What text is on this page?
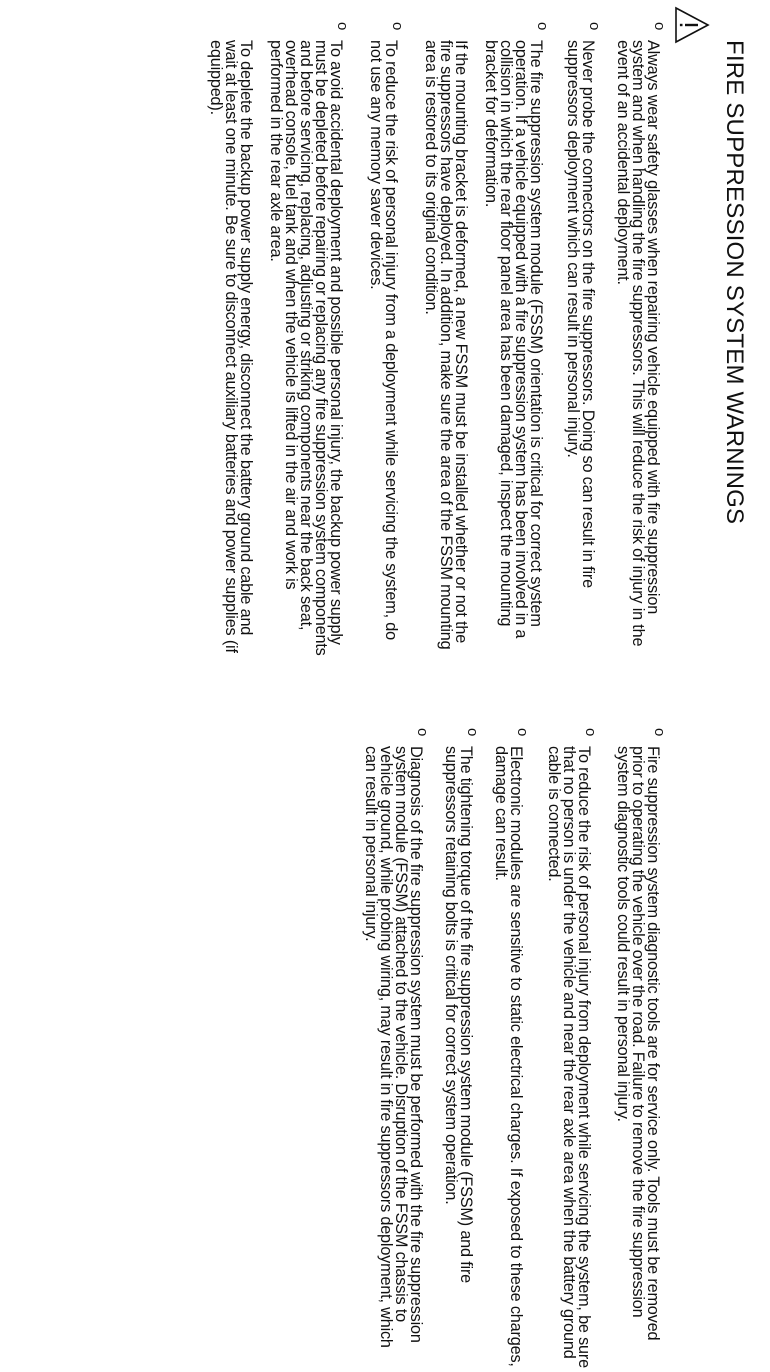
FIRE SUPPRESSION SYSTEM WARNINGS
o

Always wear safety glasses when repairing vehicle equipped with fire suppression system and when handling the fire suppressors. This will reduce the risk of injury in the event of an accidental deployment.

o

Never probe the connectors on the fire suppressors. Doing so can result in fire suppressors deployment which can result in personal injury.

o

The fire suppression system module (FSSM) orientation is critical for correct system operation. If a vehicle equipped with a fire suppression system has been involved in a collision in which the rear floor panel area has been damaged, inspect the mounting bracket for deformation.

If the mounting bracket is deformed, a new FSSM must be installed whether or not the fire suppressors have deployed. In addition, make sure the area of the FSSM mounting area is restored to its original condition.

o

To reduce the risk of personal injury from a deployment while servicing the system, do not use any memory saver devices.

o

To avoid accidental deployment and possible personal injury, the backup power supply must be depleted before repairing or replacing any fire suppression system components and before servicing, replacing, adjusting or striking components near the back seat, overhead console, fuel tank and when the vehicle is lifted in the air and work is performed in the rear axle area.

To deplete the backup power supply energy, disconnect the battery ground cable and wait at least one minute. Be sure to disconnect auxiliary batteries and power supplies (if equipped).

o

Fire suppression system diagnostic tools are for service only. Tools must be removed prior to operating the vehicle over the road. Failure to remove the fire suppression system diagnostic tools could result in personal injury.

o

To reduce the risk of personal injury from deployment while servicing the system, be sure that no person is under the vehicle and near the rear axle area when the battery ground cable is connected.

o

Electronic modules are sensitive to static electrical charges. If exposed to these charges, damage can result.

o

The tightening torque of the fire suppression system module (FSSM) and fire suppressors retaining bolts is critical for correct system operation.

o

Diagnosis of the fire suppression system must be performed with the fire suppression system module (FSSM) attached to the vehicle. Disruption of the FSSM chassis to vehicle ground, while probing wiring, may result in fire suppressors deployment, which can result in personal injury.
